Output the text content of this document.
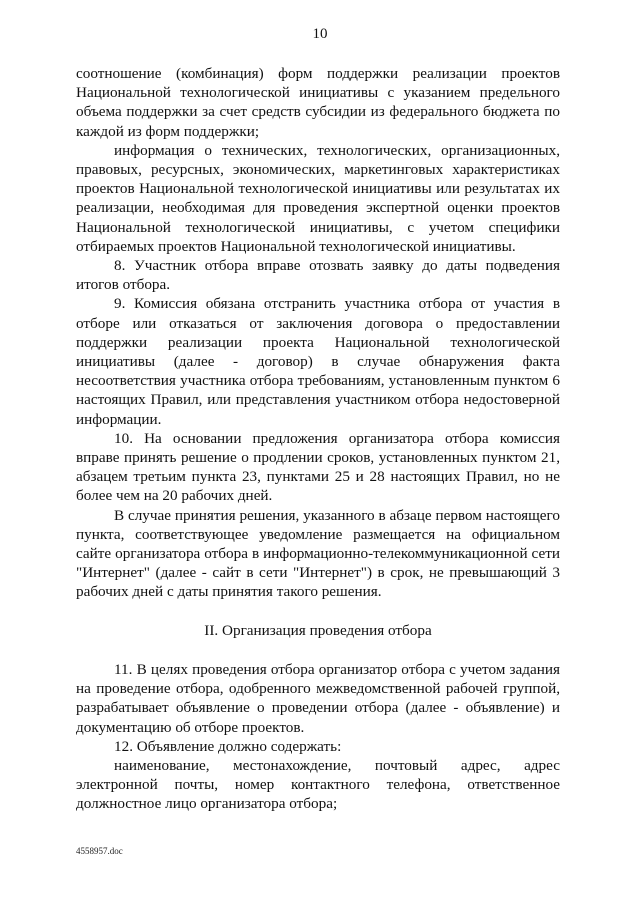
10

соотношение (комбинация) форм поддержки реализации проектов Национальной технологической инициативы с указанием предельного объема поддержки за счет средств субсидии из федерального бюджета по каждой из форм поддержки;

информация о технических, технологических, организационных, правовых, ресурсных, экономических, маркетинговых характеристиках проектов Национальной технологической инициативы или результатах их реализации, необходимая для проведения экспертной оценки проектов Национальной технологической инициативы, с учетом специфики отбираемых проектов Национальной технологической инициативы.

8. Участник отбора вправе отозвать заявку до даты подведения итогов отбора.

9. Комиссия обязана отстранить участника отбора от участия в отборе или отказаться от заключения договора о предоставлении поддержки реализации проекта Национальной технологической инициативы (далее - договор) в случае обнаружения факта несоответствия участника отбора требованиям, установленным пунктом 6 настоящих Правил, или представления участником отбора недостоверной информации.

10. На основании предложения организатора отбора комиссия вправе принять решение о продлении сроков, установленных пунктом 21, абзацем третьим пункта 23, пунктами 25 и 28 настоящих Правил, но не более чем на 20 рабочих дней.

В случае принятия решения, указанного в абзаце первом настоящего пункта, соответствующее уведомление размещается на официальном сайте организатора отбора в информационно-телекоммуникационной сети "Интернет" (далее - сайт в сети "Интернет") в срок, не превышающий 3 рабочих дней с даты принятия такого решения.

II. Организация проведения отбора

11. В целях проведения отбора организатор отбора с учетом задания на проведение отбора, одобренного межведомственной рабочей группой, разрабатывает объявление о проведении отбора (далее - объявление) и документацию об отборе проектов.

12. Объявление должно содержать:

наименование, местонахождение, почтовый адрес, адрес электронной почты, номер контактного телефона, ответственное должностное лицо организатора отбора;

4558957.doc
